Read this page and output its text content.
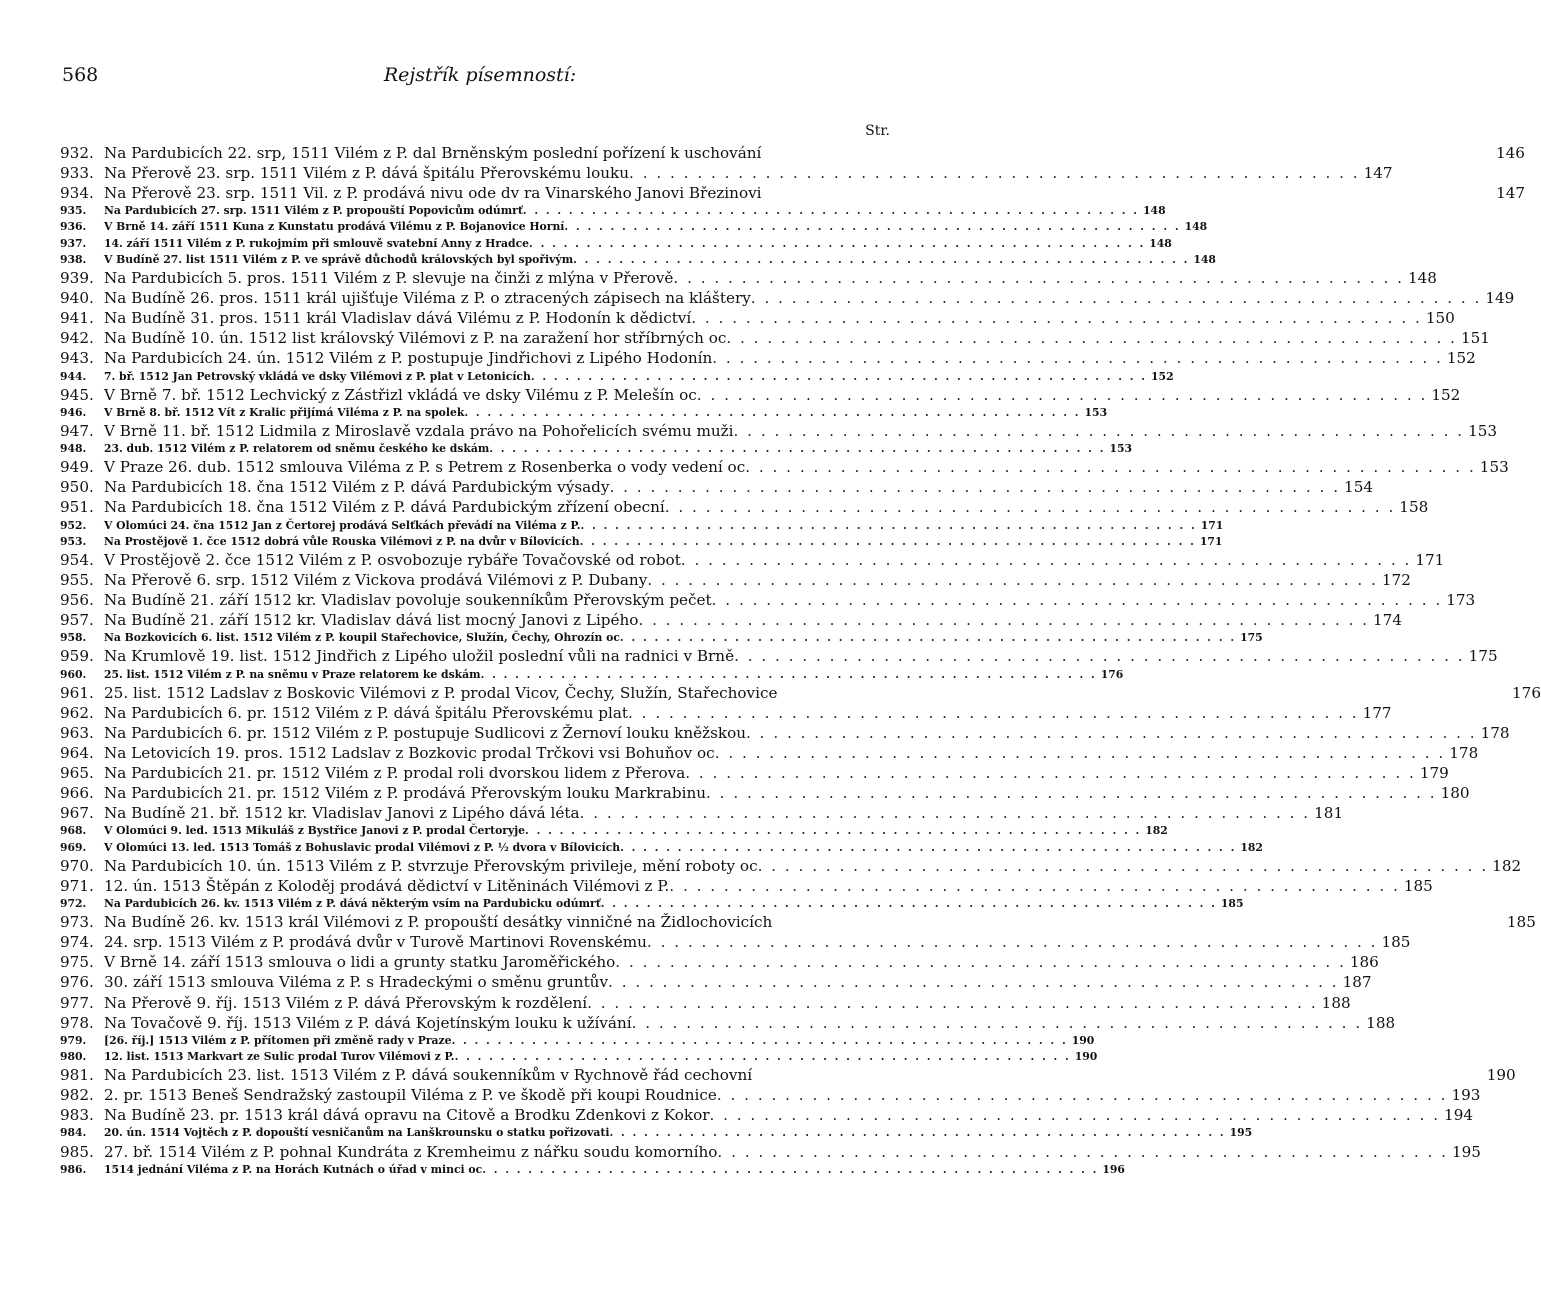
568	Rejstřík písemností:
Str.
932. Na Pardubicích 22. srp, 1511 Vilém z P. dal Brněnským poslední pořízení k uschování	146
933. Na Přerově 23. srp. 1511 Vilém z P. dává špitálu Přerovskému louku . . .	147
934. Na Přerově 23. srp. 1511 Vil. z P. prodává nivu ode dv ra Vinarského Janovi Březinovi	147
935.	Na Pardubicích 27. srp. 1511 Vilém z P. propouští Popovicům odúmrť . . .	148
936.	V Brně 14. září 1511 Kuna z Kunstatu prodává Vilému z P. Bojanovice Horní . . .	148
937.	14. září 1511 Vilém z P. rukojmím při smlouvě svatební Anny z Hradce . . .	148
938.	V Budíně 27. list 1511 Vilém z P. ve správě důchodů královských byl spořivým . . .	148
939. Na Pardubicích 5. pros. 1511 Vilém z P. slevuje na činži z mlýna v Přerově . . .	148
940. Na Budíně 26. pros. 1511 král ujišťuje Viléma z P. o ztracených zápisech na kláštery . . .	149
941. Na Budíně 31. pros. 1511 král Vladislav dává Vilému z P. Hodonín k dědictví . . .	150
942. Na Budíně 10. ún. 1512 list královský Vilémovi z P. na zaražení hor stříbrných oc . . .	151
943. Na Pardubicích 24. ún. 1512 Vilém z P. postupuje Jindřichovi z Lipého Hodonín . . .	152
944.	7. bř. 1512 Jan Petrovský vkládá ve dsky Vilémovi z P. plat v Letonicích . . .	152
945. V Brně 7. bř. 1512 Lechvický z Zástřizl vkládá ve dsky Vilému z P. Melešín oc . . .	152
946.	V Brně 8. bř. 1512 Vít z Kralic přijímá Viléma z P. na spolek . . .	153
947. V Brně 11. bř. 1512 Lidmila z Miroslavě vzdala právo na Pohořelicích svému muži . . .	153
948.	23. dub. 1512 Vilém z P. relatorem od sněmu českého ke dskám . . .	153
949. V Praze 26. dub. 1512 smlouva Viléma z P. s Petrem z Rosenberka o vody vedení oc . . .	153
950. Na Pardubicích 18. čna 1512 Vilém z P. dává Pardubickým výsady . . .	154
951. Na Pardubicích 18. čna 1512 Vilém z P. dává Pardubickým zřízení obecní . . .	158
952.	V Olomúci 24. čna 1512 Jan z Čertorej prodává Selťkách převádí na Viléma z P. . . .	171
953.	Na Prostějově 1. čce 1512 dobrá vůle Rouska Vilémovi z P. na dvůr v Bílovicích . . .	171
954. V Prostějově 2. čce 1512 Vilém z P. osvobozuje rybáře Tovačovské od robot . . .	171
955. Na Přerově 6. srp. 1512 Vilém z Vickova prodává Vilémovi z P. Dubany . . .	172
956. Na Budíně 21. září 1512 kr. Vladislav povoluje soukenníkům Přerovským pečet . . .	173
957. Na Budíně 21. září 1512 kr. Vladislav dává list mocný Janovi z Lipého . . .	174
958.	Na Bozkovicích 6. list. 1512 Vilém z P. koupil Stařechovice, Služín, Čechy, Ohrozín oc . . .	175
959. Na Krumlově 19. list. 1512 Jindřich z Lipého uložil poslední vůli na radnici v Brně . . .	175
960.	25. list. 1512 Vilém z P. na sněmu v Praze relatorem ke dskám . . .	176
961. 25. list. 1512 Ladslav z Boskovic Vilémovi z P. prodal Vicov, Čechy, Služín, Stařechovice	176
962. Na Pardubicích 6. pr. 1512 Vilém z P. dává špitálu Přerovskému plat . . .	177
963. Na Pardubicích 6. pr. 1512 Vilém z P. postupuje Sudlicovi z Žernoví louku kněžskou . . .	178
964. Na Letovicích 19. pros. 1512 Ladslav z Bozkovic prodal Trčkovi vsi Bohuňov oc . . .	178
965. Na Pardubicích 21. pr. 1512 Vilém z P. prodal roli dvorskou lidem z Přerova . . .	179
966. Na Pardubicích 21. pr. 1512 Vilém z P. prodává Přerovským louku Markrabinu . . .	180
967. Na Budíně 21. bř. 1512 kr. Vladislav Janovi z Lipého dává léta . . .	181
968.	V Olomúci 9. led. 1513 Mikuláš z Bystřice Janovi z P. prodal Čertoryje . . .	182
969.	V Olomúci 13. led. 1513 Tomáš z Bohuslavic prodal Vilémovi z P. ½ dvora v Bílovicích . . .	182
970. Na Pardubicích 10. ún. 1513 Vilém z P. stvrzuje Přerovským privileje, mění roboty oc . . .	182
971. 12. ún. 1513 Štěpán z Koloděj prodává dědictví v Litěninách Vilémovi z P. . . .	185
972.	Na Pardubicích 26. kv. 1513 Vilém z P. dává některým vsím na Pardubicku odúmrť . . .	185
973. Na Budíně 26. kv. 1513 král Vilémovi z P. propouští desátky vinničné na Židlochovicích	185
974. 24. srp. 1513 Vilém z P. prodává dvůr v Turově Martinovi Rovenskému . . .	185
975. V Brně 14. září 1513 smlouva o lidi a grunty statku Jaroměřického . . .	186
976. 30. září 1513 smlouva Viléma z P. s Hradeckými o směnu gruntův . . .	187
977. Na Přerově 9. říj. 1513 Vilém z P. dává Přerovským k rozdělení . . .	188
978. Na Tovačově 9. říj. 1513 Vilém z P. dává Kojetínským louku k užívání . . .	188
979.	[26. říj.] 1513 Vilém z P. přítomen při změně rady v Praze . . .	190
980.	12. list. 1513 Markvart ze Sulic prodal Turov Vilémovi z P. . . .	190
981. Na Pardubicích 23. list. 1513 Vilém z P. dává soukenníkům v Rychnově řád cechovní	190
982. 2. pr. 1513 Beneš Sendražský zastoupil Viléma z P. ve škodě při koupi Roudnice . . .	193
983. Na Budíně 23. pr. 1513 král dává opravu na Citově a Brodku Zdenkovi z Kokor . . .	194
984.	20. ún. 1514 Vojtěch z P. dopouští vesničanům na Lanškrounsku o statku pořizovati . . .	195
985. 27. bř. 1514 Vilém z P. pohnal Kundráta z Kremheimu z nářku soudu komorního . . .	195
986.	1514 jednání Viléma z P. na Horách Kutnách o úřad v minci oc . . .	196
